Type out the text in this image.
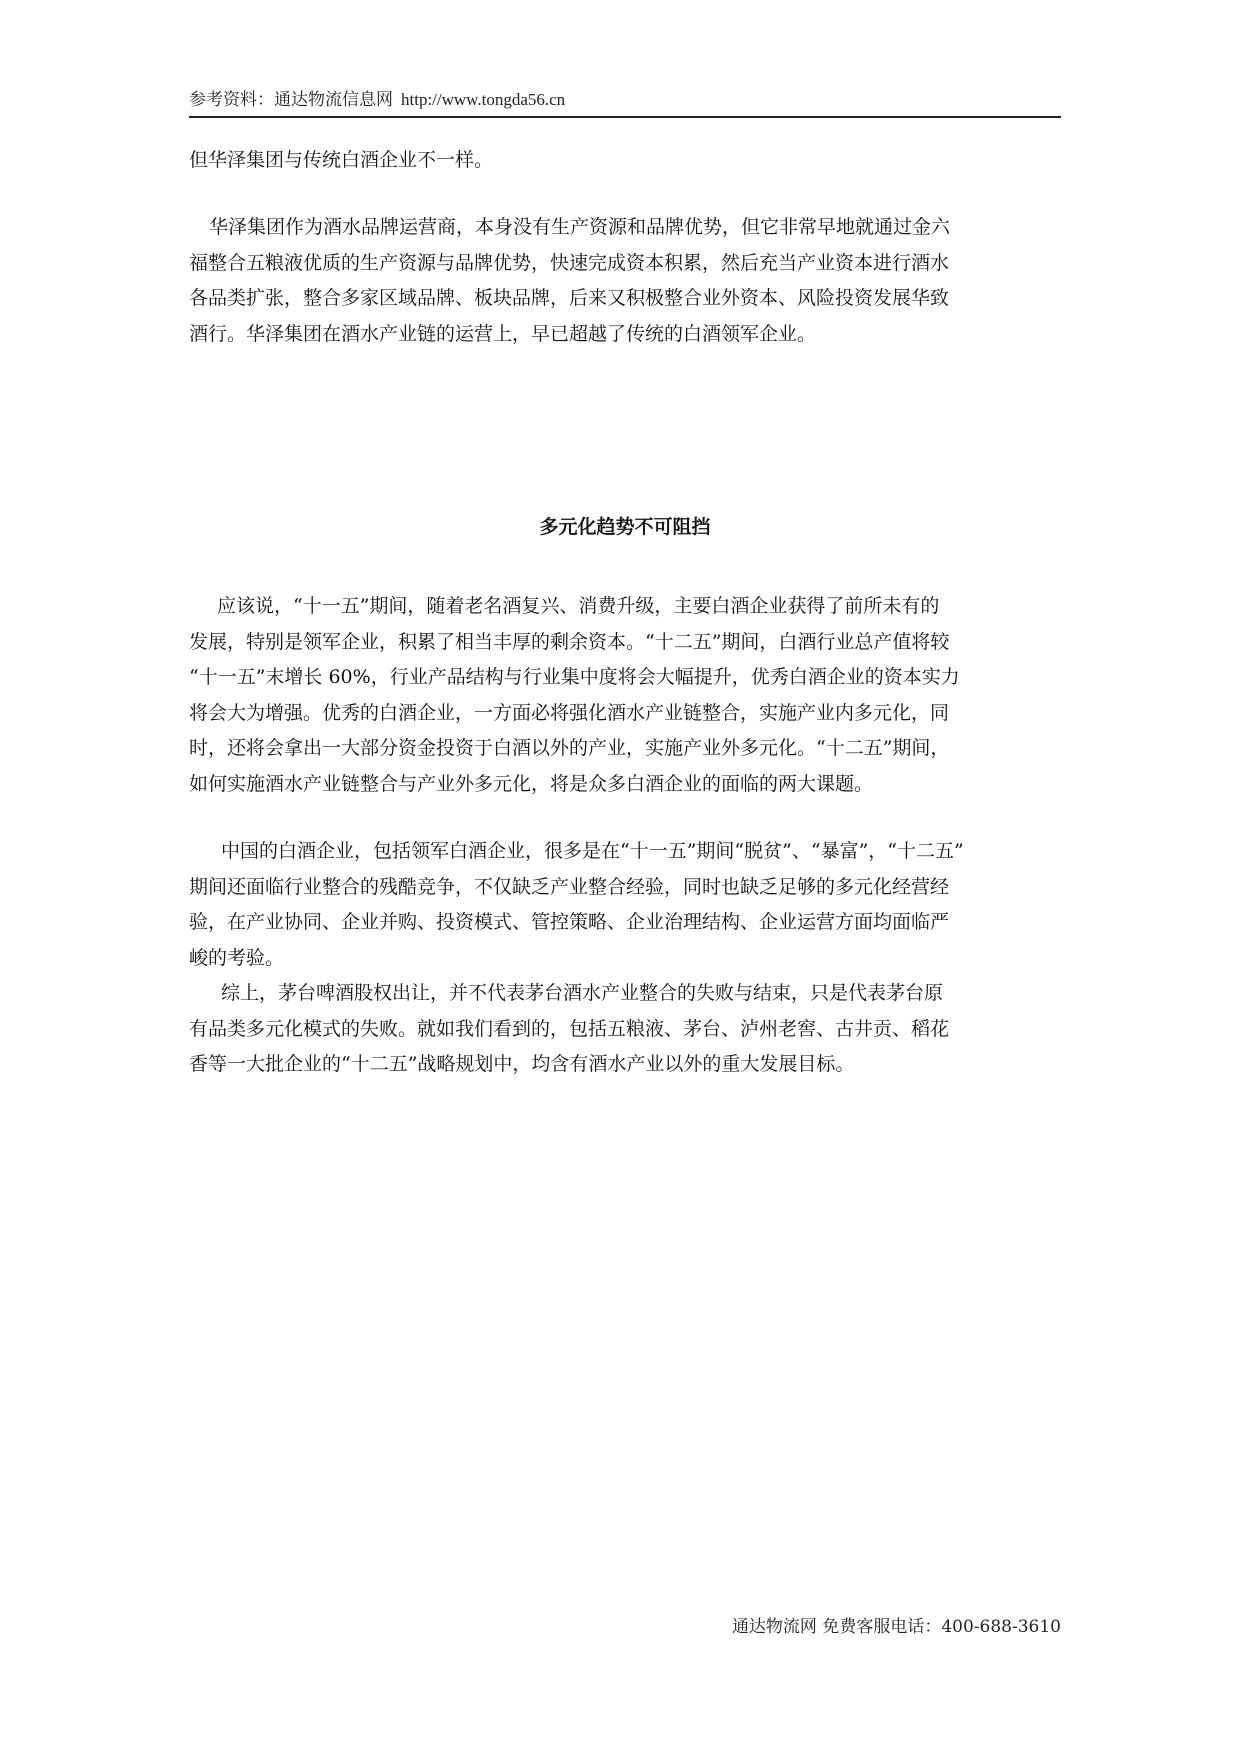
参考资料：通达物流信息网 http://www.tongda56.cn
但华泽集团与传统白酒企业不一样。
华泽集团作为酒水品牌运营商，本身没有生产资源和品牌优势，但它非常早地就通过金六
福整合五粮液优质的生产资源与品牌优势，快速完成资本积累，然后充当产业资本进行酒水
各品类扩张，整合多家区域品牌、板块品牌，后来又积极整合业外资本、风险投资发展华致
酒行。华泽集团在酒水产业链的运营上，早已超越了传统的白酒领军企业。
多元化趋势不可阻挡
应该说，“十一五”期间，随着老名酒复兴、消费升级，主要白酒企业获得了前所未有的
发展，特别是领军企业，积累了相当丰厚的剩余资本。“十二五”期间，白酒行业总产值将较
“十一五”末增长 60%，行业产品结构与行业集中度将会大幅提升，优秀白酒企业的资本实力
将会大为增强。优秀的白酒企业，一方面必将强化酒水产业链整合，实施产业内多元化，同
时，还将会拿出一大部分资金投资于白酒以外的产业，实施产业外多元化。“十二五”期间，
如何实施酒水产业链整合与产业外多元化，将是众多白酒企业的面临的两大课题。
中国的白酒企业，包括领军白酒企业，很多是在“十一五”期间“脱贫”、“暴富”，“十二五”
期间还面临行业整合的残酷竞争，不仅缺乏产业整合经验，同时也缺乏足够的多元化经营经
验，在产业协同、企业并购、投资模式、管控策略、企业治理结构、企业运营方面均面临严
峻的考验。
综上，茅台啤酒股权出让，并不代表茅台酒水产业整合的失败与结束，只是代表茅台原
有品类多元化模式的失败。就如我们看到的，包括五粮液、茅台、泸州老窖、古井贡、稻花
香等一大批企业的“十二五”战略规划中，均含有酒水产业以外的重大发展目标。
通达物流网 免费客服电话：400-688-3610
